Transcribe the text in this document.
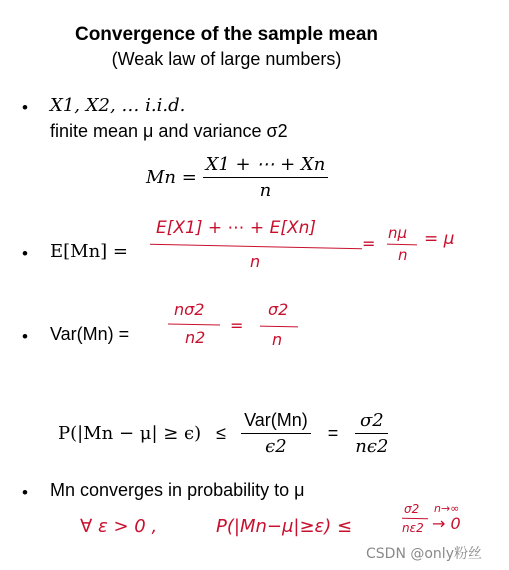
Convergence of the sample mean
(Weak law of large numbers)
• X1, X2, … i.i.d.
finite mean μ and variance σ2
$Mn = \frac{X1 + \cdots + Xn}{n}$
• E[Mn] =
E[X1] + ⋯ + E[Xn]
n
=
nμ
n
= μ
• Var(Mn) =
nσ2
n2
=
σ2
n
$P(|Mn - \mu| \ge \epsilon) \le \frac{\text{Var(Mn)}}{\epsilon 2} = \frac{\sigma 2}{n\epsilon 2}$
• Mn converges in probability to μ
∀ ε > 0 ,	P(|Mn−μ|≥ε) ≤
σ2
nε2
n→∞
→ 0
CSDN @only粉丝
